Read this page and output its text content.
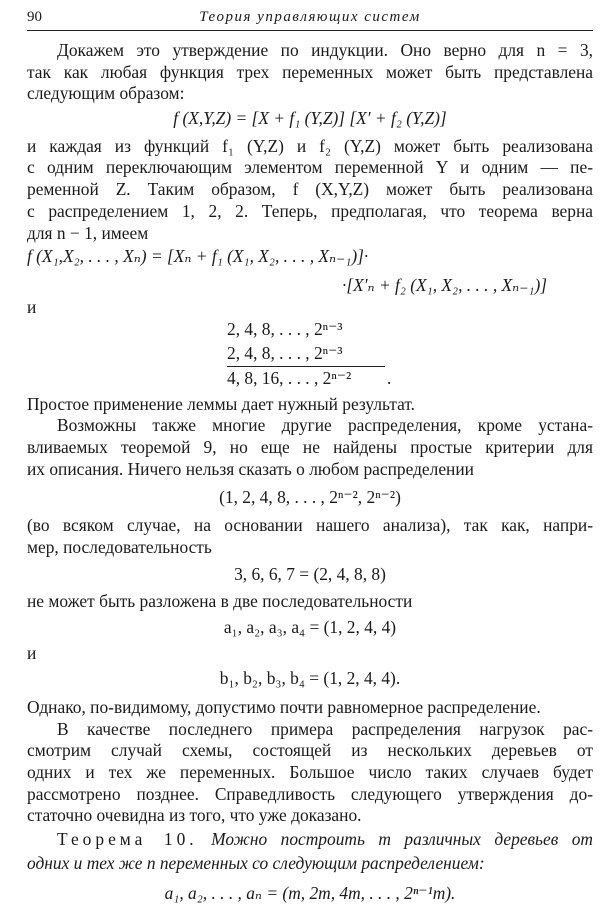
90	Теория управляющих систем
Докажем это утверждение по индукции. Оно верно для n = 3,
так как любая функция трех переменных может быть представлена
следующим образом:
f (X,Y,Z) = [X + f₁ (Y,Z)] [X′ + f₂ (Y,Z)]
и каждая из функций f₁ (Y,Z) и f₂ (Y,Z) может быть реализована
с одним переключающим элементом переменной Y и одним — пе-
ременной Z. Таким образом, f (X,Y,Z) может быть реализована
с распределением 1, 2, 2. Теперь, предполагая, что теорема верна
для n − 1, имеем
f (X₁,X₂, . . . , Xₙ) = [Xₙ + f₁ (X₁, X₂, . . . , Xₙ₋₁)]·
·[X′ₙ + f₂ (X₁, X₂, . . . , Xₙ₋₁)]
и
2, 4, 8, . . . , 2ⁿ⁻³
2, 4, 8, . . . , 2ⁿ⁻³
4, 8, 16, . . . , 2ⁿ⁻² .
Простое применение леммы дает нужный результат.
Возможны также многие другие распределения, кроме устана-
вливаемых теоремой 9, но еще не найдены простые критерии для
их описания. Ничего нельзя сказать о любом распределении
(1, 2, 4, 8, . . . , 2ⁿ⁻², 2ⁿ⁻²)
(во всяком случае, на основании нашего анализа), так как, напри-
мер, последовательность
3, 6, 6, 7 = (2, 4, 8, 8)
не может быть разложена в две последовательности
a₁, a₂, a₃, a₄ = (1, 2, 4, 4)
и
b₁, b₂, b₃, b₄ = (1, 2, 4, 4).
Однако, по-видимому, допустимо почти равномерное распределение.
В качестве последнего примера распределения нагрузок рас-
смотрим случай схемы, состоящей из нескольких деревьев от
одних и тех же переменных. Большое число таких случаев будет
рассмотрено позднее. Справедливость следующего утверждения до-
статочно очевидна из того, что уже доказано.
Теорема 10. Можно построить m различных деревьев от
одних и тех же n переменных со следующим распределением:
a₁, a₂, . . . , aₙ = (m, 2m, 4m, . . . , 2ⁿ⁻¹m).
